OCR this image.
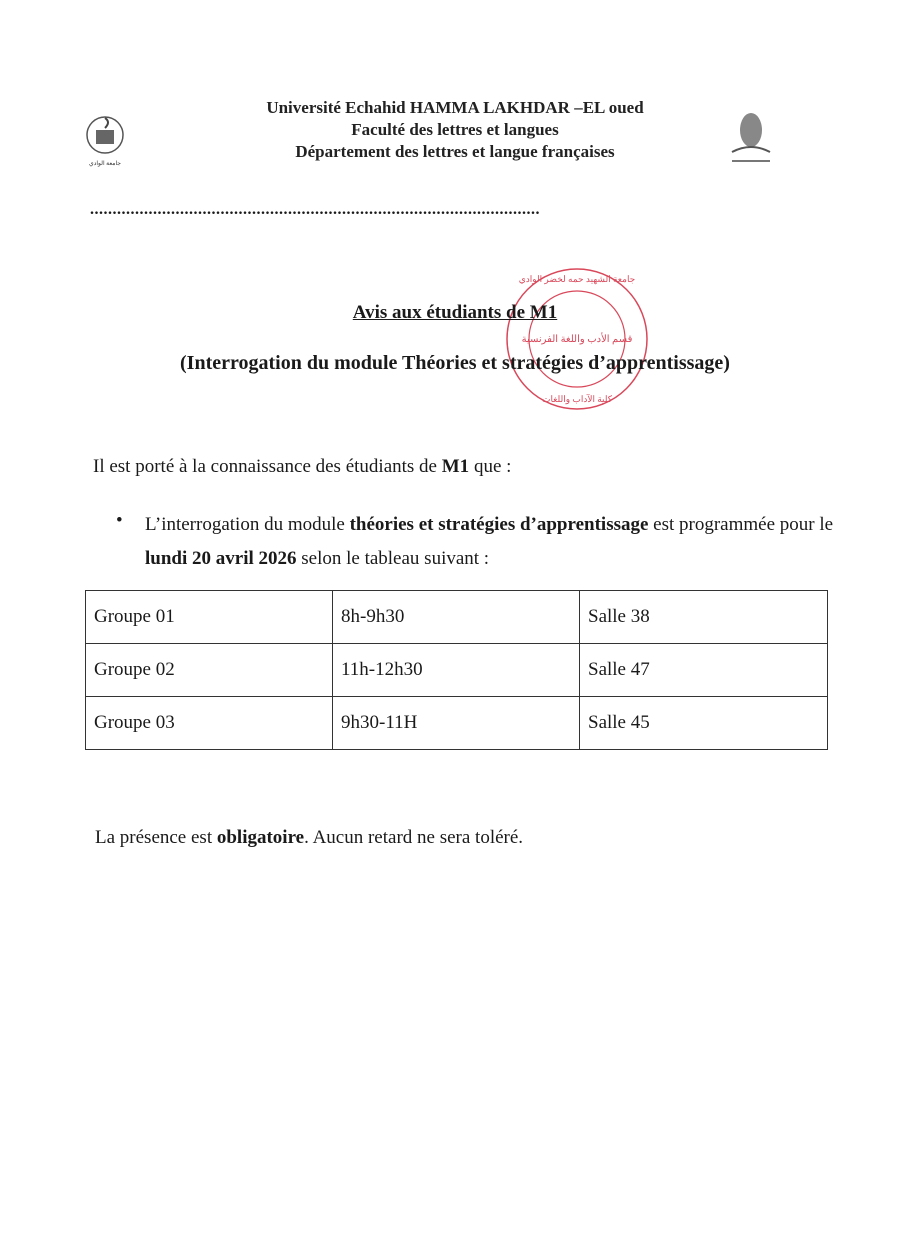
جامعة الوادي
Université Echahid HAMMA LAKHDAR –EL oued
Faculté des lettres et langues
Département des lettres et langue françaises
....................................................................................................
جامعة الشهيد حمه لخضر الوادي
قسم الأدب واللغة الفرنسية
كلية الآداب واللغات
Avis aux étudiants de M1
(Interrogation du module Théories et stratégies d’apprentissage)
Il est porté à la connaissance des étudiants de M1 que :
• L’interrogation du module théories et stratégies d’apprentissage est programmée pour le lundi 20 avril 2026 selon le tableau suivant :
Groupe 01	8h-9h30	Salle 38
Groupe 02	11h-12h30	Salle 47
Groupe 03	9h30-11H	Salle 45
La présence est obligatoire. Aucun retard ne sera toléré.
